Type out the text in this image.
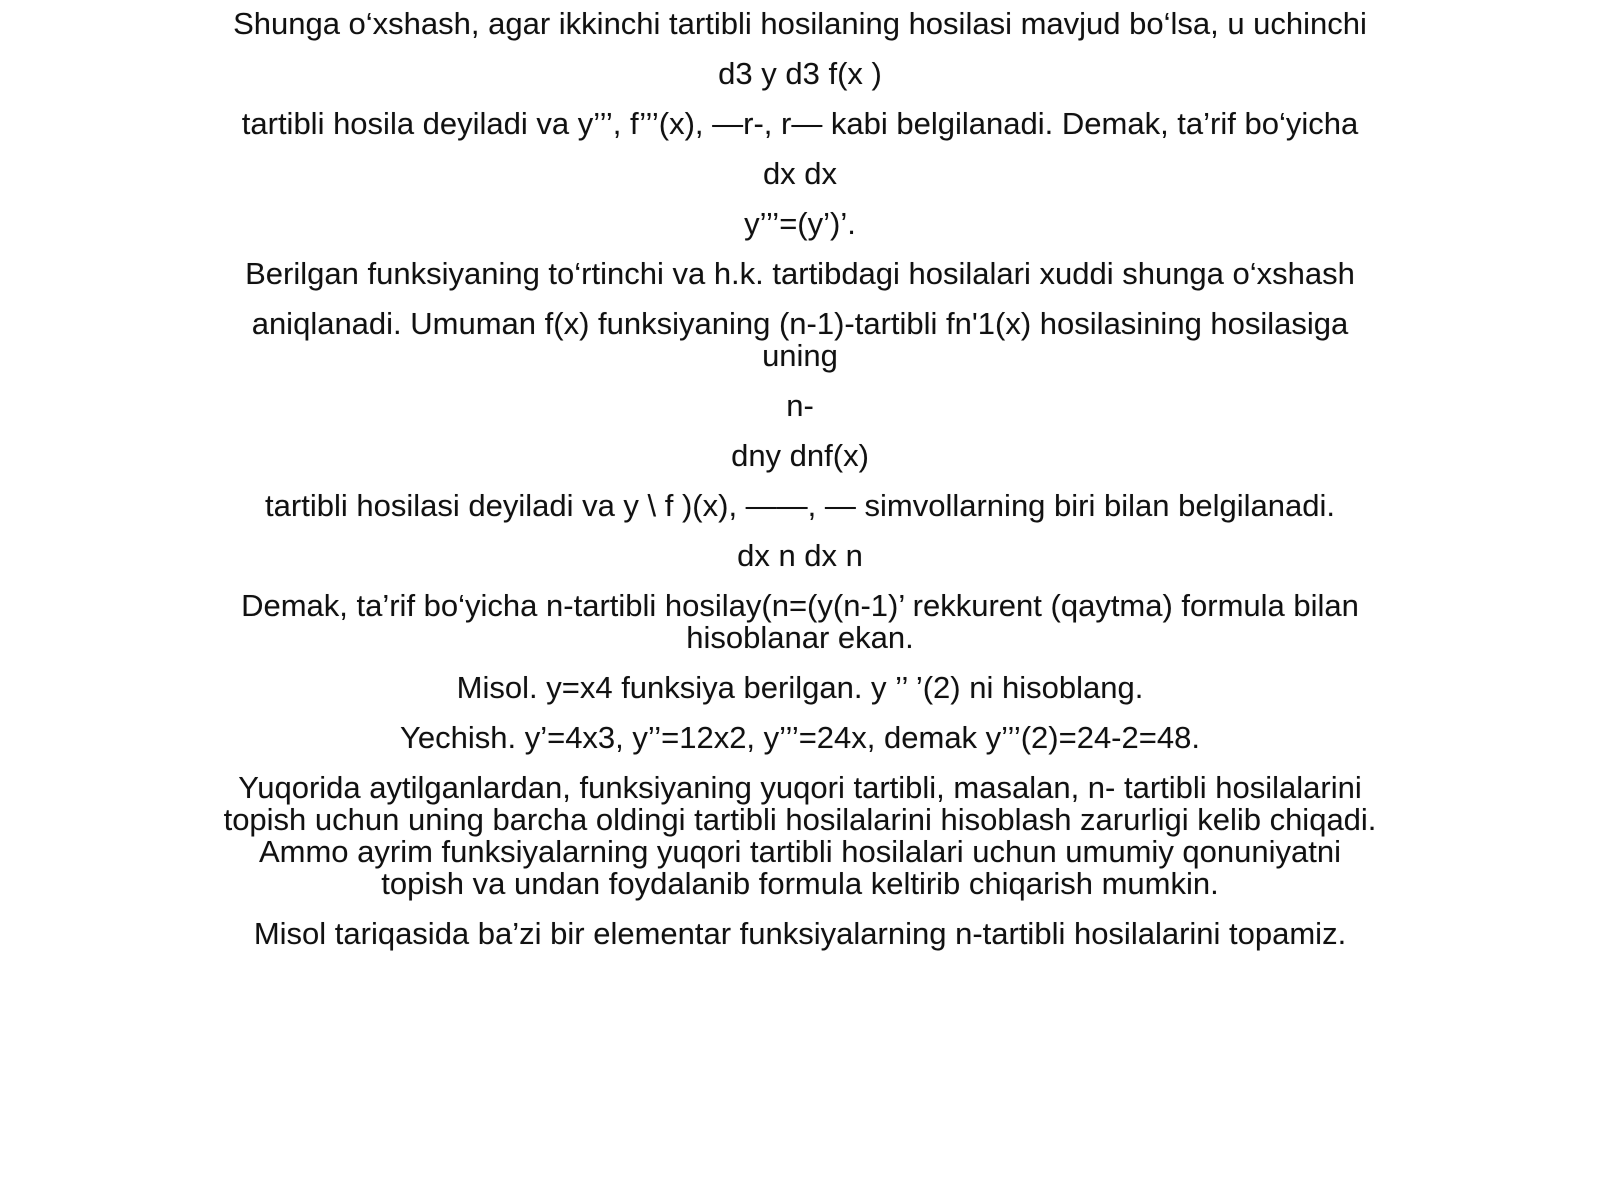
Shunga o‘xshash, agar ikkinchi tartibli hosilaning hosilasi mavjud bo‘lsa, u uchinchi

d3 y d3 f(x )

tartibli hosila deyiladi va y’’’, f’’’(x), —r-, r— kabi belgilanadi. Demak, ta’rif bo‘yicha

dx dx

y’’’=(y’)’.

Berilgan funksiyaning to‘rtinchi va h.k. tartibdagi hosilalari xuddi shunga o‘xshash

aniqlanadi. Umuman f(x) funksiyaning (n-1)-tartibli fn'1(x) hosilasining hosilasiga uning

n-

dny dnf(x)

tartibli hosilasi deyiladi va y \ f )(x), ——, — simvollarning biri bilan belgilanadi.

dx n dx n

Demak, ta’rif bo‘yicha n-tartibli hosilay(n=(y(n-1)’ rekkurent (qaytma) formula bilan hisoblanar ekan.

Misol. y=x4 funksiya berilgan. y ’’ ’(2) ni hisoblang.

Yechish. y’=4x3, y’’=12x2, y’’’=24x, demak y’’’(2)=24-2=48.

Yuqorida aytilganlardan, funksiyaning yuqori tartibli, masalan, n- tartibli hosilalarini topish uchun uning barcha oldingi tartibli hosilalarini hisoblash zarurligi kelib chiqadi. Ammo ayrim funksiyalarning yuqori tartibli hosilalari uchun umumiy qonuniyatni topish va undan foydalanib formula keltirib chiqarish mumkin.

Misol tariqasida ba’zi bir elementar funksiyalarning n-tartibli hosilalarini topamiz.
